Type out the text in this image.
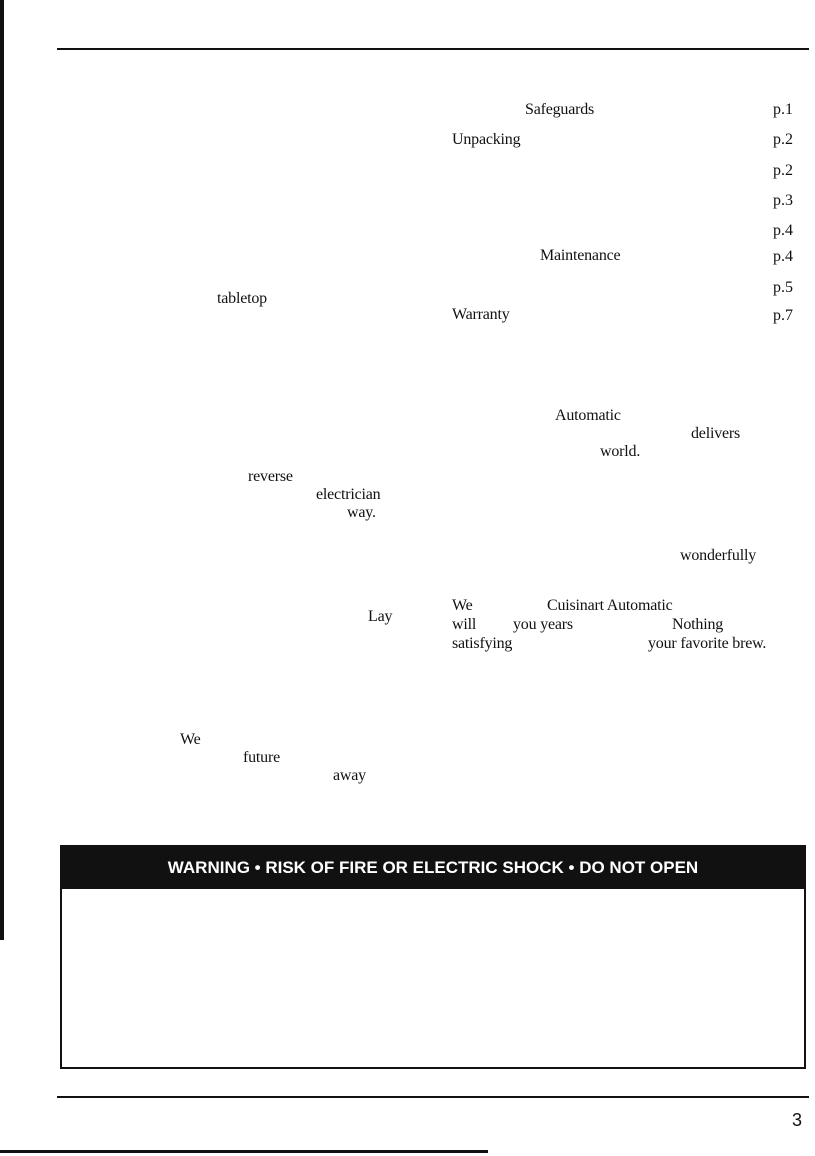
Safeguards	p.1
Unpacking	p.2
p.2
p.3
p.4
Maintenance	p.4
p.5
Warranty	p.7
tabletop
reverse
electrician
way.
Lay
We
future
away
Automatic
delivers
world.
wonderfully
We	Cuisinart Automatic
will you years	Nothing
satisfying	your favorite brew.
WARNING • RISK OF FIRE OR ELECTRIC SHOCK • DO NOT OPEN
3
